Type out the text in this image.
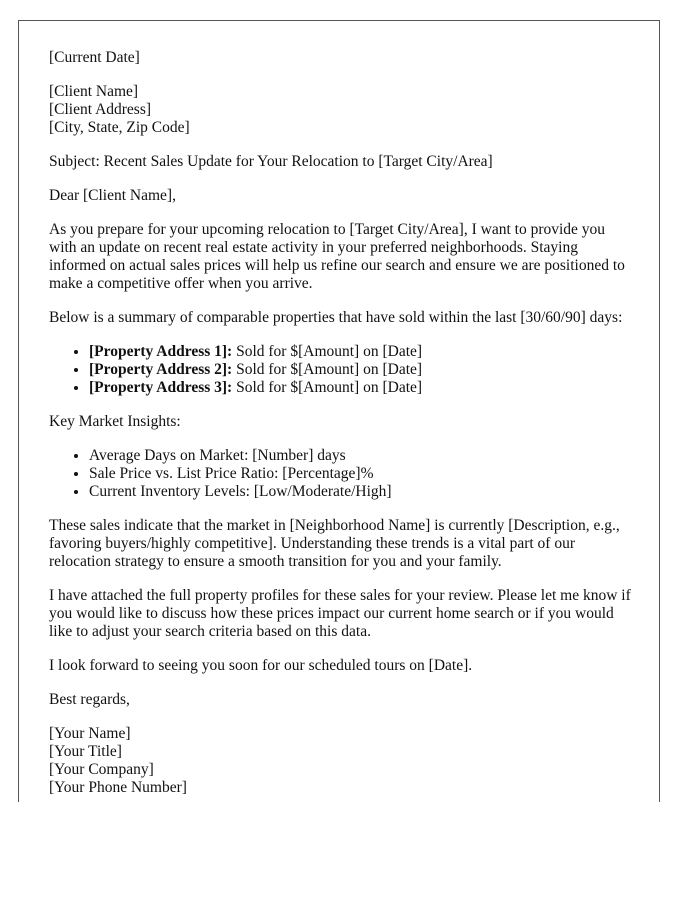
[Current Date]

[Client Name]
[Client Address]
[City, State, Zip Code]

Subject: Recent Sales Update for Your Relocation to [Target City/Area]

Dear [Client Name],

As you prepare for your upcoming relocation to [Target City/Area], I want to provide you with an update on recent real estate activity in your preferred neighborhoods. Staying informed on actual sales prices will help us refine our search and ensure we are positioned to make a competitive offer when you arrive.

Below is a summary of comparable properties that have sold within the last [30/60/90] days:

• [Property Address 1]: Sold for $[Amount] on [Date]
• [Property Address 2]: Sold for $[Amount] on [Date]
• [Property Address 3]: Sold for $[Amount] on [Date]

Key Market Insights:

• Average Days on Market: [Number] days
• Sale Price vs. List Price Ratio: [Percentage]%
• Current Inventory Levels: [Low/Moderate/High]

These sales indicate that the market in [Neighborhood Name] is currently [Description, e.g., favoring buyers/highly competitive]. Understanding these trends is a vital part of our relocation strategy to ensure a smooth transition for you and your family.

I have attached the full property profiles for these sales for your review. Please let me know if you would like to discuss how these prices impact our current home search or if you would like to adjust your search criteria based on this data.

I look forward to seeing you soon for our scheduled tours on [Date].

Best regards,

[Your Name]
[Your Title]
[Your Company]
[Your Phone Number]
